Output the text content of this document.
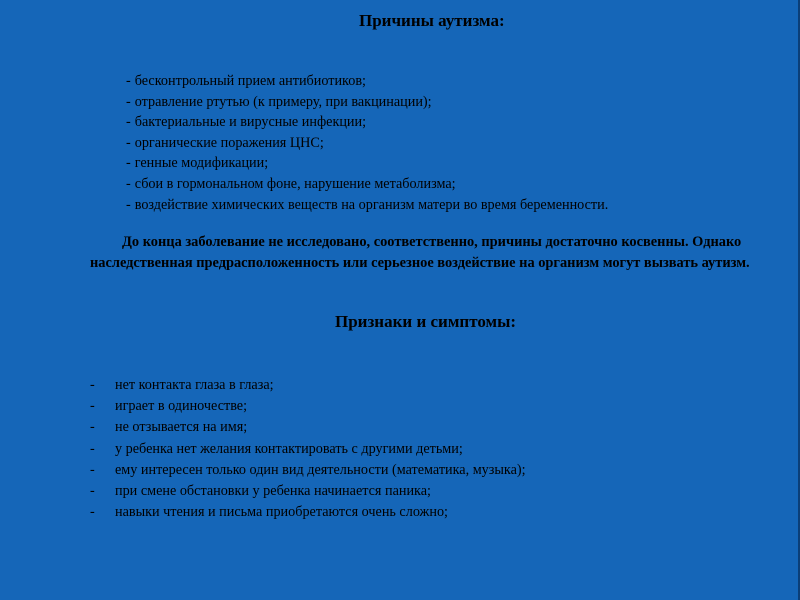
Причины аутизма:
- бесконтрольный прием антибиотиков;
- отравление ртутью (к примеру, при вакцинации);
- бактериальные и вирусные инфекции;
- органические поражения ЦНС;
- генные модификации;
- сбои в гормональном фоне, нарушение метаболизма;
- воздействие химических веществ на организм матери во время беременности.

До конца заболевание не исследовано, соответственно, причины достаточно косвенны. Однако наследственная предрасположенность или серьезное воздействие на организм могут вызвать аутизм.

Признаки и симптомы:
-	нет контакта глаза в глаза;
-	играет в одиночестве;
-	не отзывается на имя;
-	у ребенка нет желания контактировать с другими детьми;
-	ему интересен только один вид деятельности (математика, музыка);
-	при смене обстановки у ребенка начинается паника;
-	навыки чтения и письма приобретаются очень сложно;
